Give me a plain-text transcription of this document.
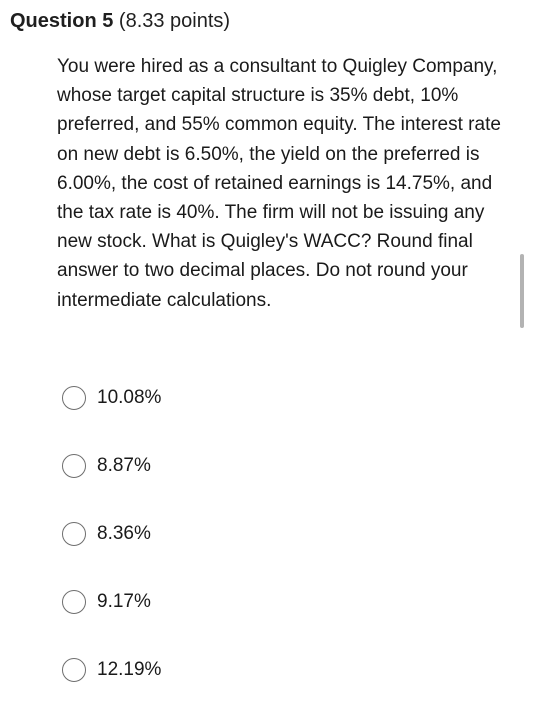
Question 5 (8.33 points)
You were hired as a consultant to Quigley Company, whose target capital structure is 35% debt, 10% preferred, and 55% common equity. The interest rate on new debt is 6.50%, the yield on the preferred is 6.00%, the cost of retained earnings is 14.75%, and the tax rate is 40%. The firm will not be issuing any new stock. What is Quigley's WACC? Round final answer to two decimal places. Do not round your intermediate calculations.
10.08%
8.87%
8.36%
9.17%
12.19%
